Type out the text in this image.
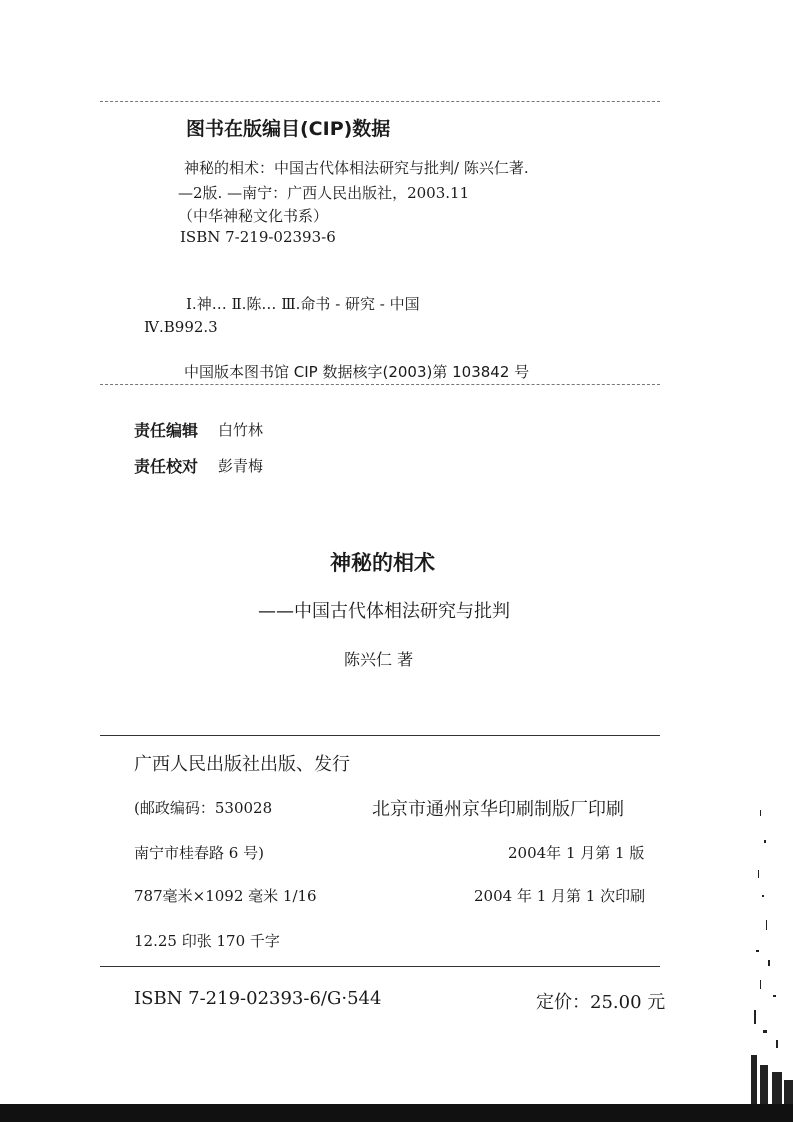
图书在版编目(CIP)数据
神秘的相术：中国古代体相法研究与批判/ 陈兴仁著.
—2版. —南宁：广西人民出版社，2003.11
（中华神秘文化书系）
ISBN 7-219-02393-6
Ⅰ.神… Ⅱ.陈… Ⅲ.命书 - 研究 - 中国
Ⅳ.B992.3
中国版本图书馆 CIP 数据核字(2003)第 103842 号
责任编辑 白竹林
责任校对 彭青梅
神秘的相术
——中国古代体相法研究与批判
陈兴仁 著
广西人民出版社出版、发行
(邮政编码：530028	北京市通州京华印刷制版厂印刷
南宁市桂春路 6 号)	2004年 1 月第 1 版
787毫米×1092 毫米 1/16	2004 年 1 月第 1 次印刷
12.25 印张 170 千字
ISBN 7-219-02393-6/G·544	定价：25.00 元
